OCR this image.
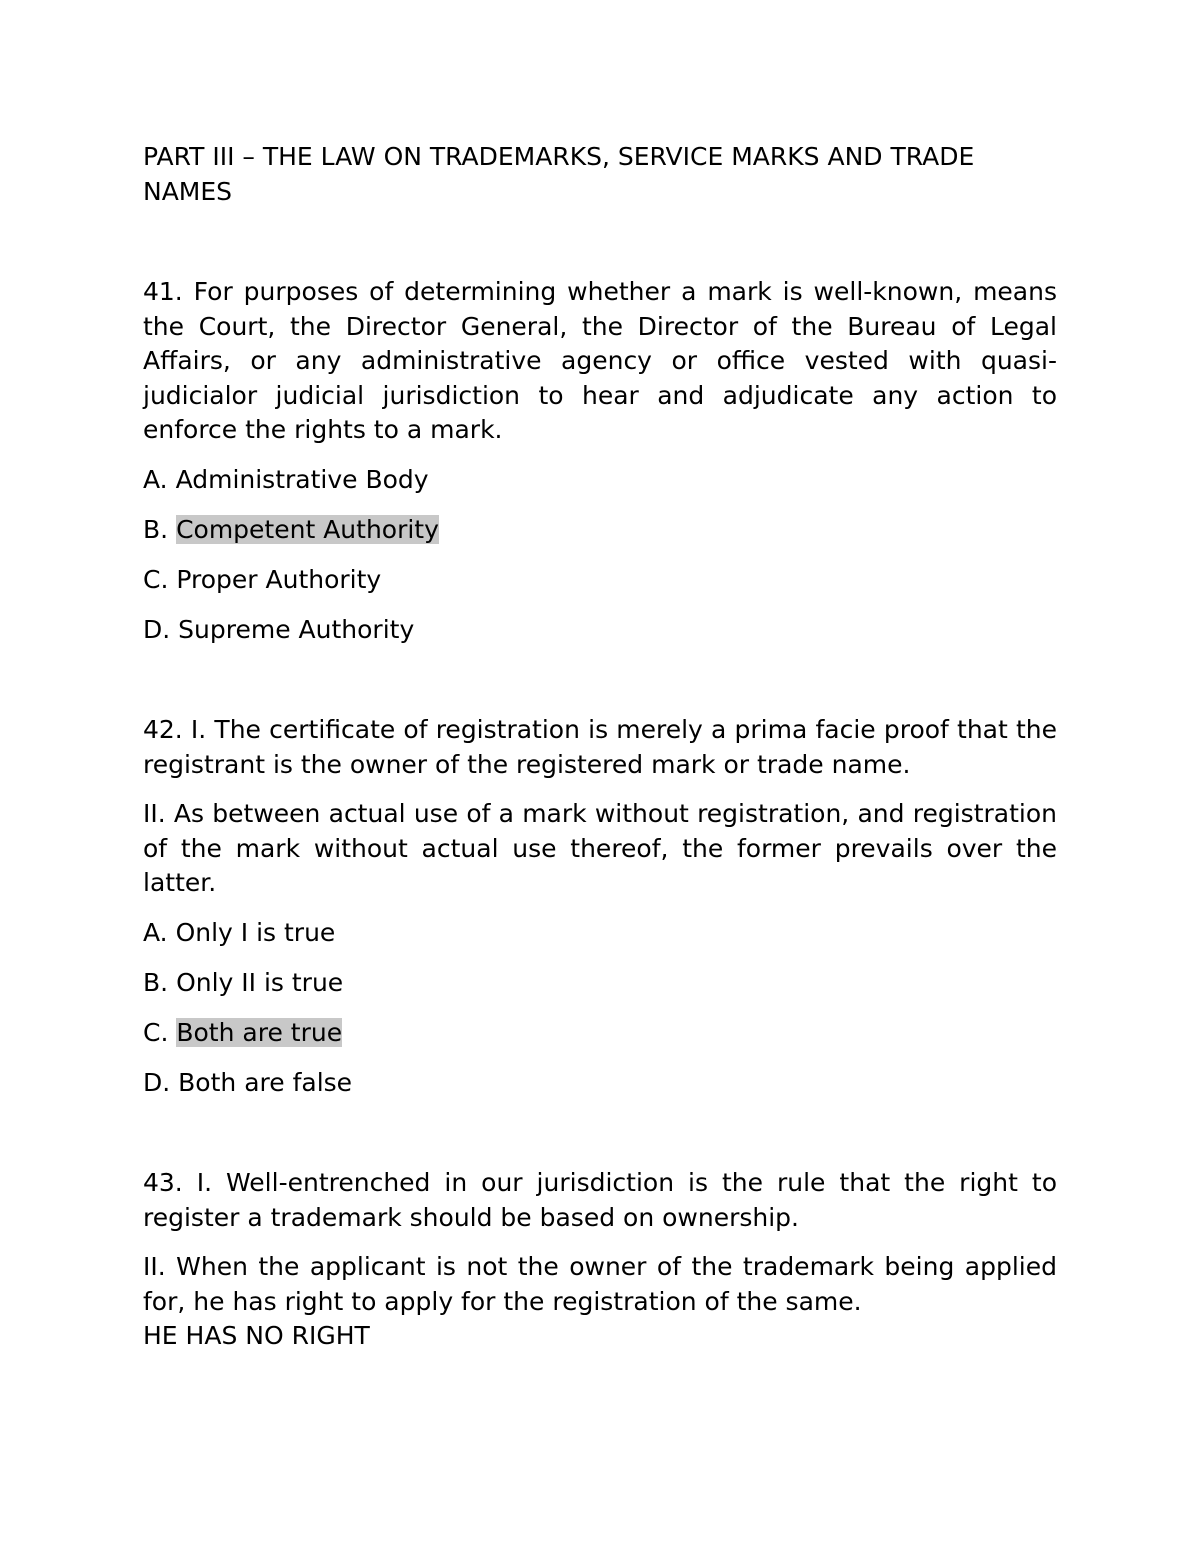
PART III – THE LAW ON TRADEMARKS, SERVICE MARKS AND TRADE NAMES

41. For purposes of determining whether a mark is well-known, means the Court, the Director General, the Director of the Bureau of Legal Affairs, or any administrative agency or office vested with quasi-judicialor judicial jurisdiction to hear and adjudicate any action to enforce the rights to a mark.

A. Administrative Body
B. Competent Authority
C. Proper Authority
D. Supreme Authority

42. I. The certificate of registration is merely a prima facie proof that the registrant is the owner of the registered mark or trade name.

II. As between actual use of a mark without registration, and registration of the mark without actual use thereof, the former prevails over the latter.

A. Only I is true
B. Only II is true
C. Both are true
D. Both are false

43. I. Well-entrenched in our jurisdiction is the rule that the right to register a trademark should be based on ownership.

II. When the applicant is not the owner of the trademark being applied for, he has right to apply for the registration of the same.
HE HAS NO RIGHT
